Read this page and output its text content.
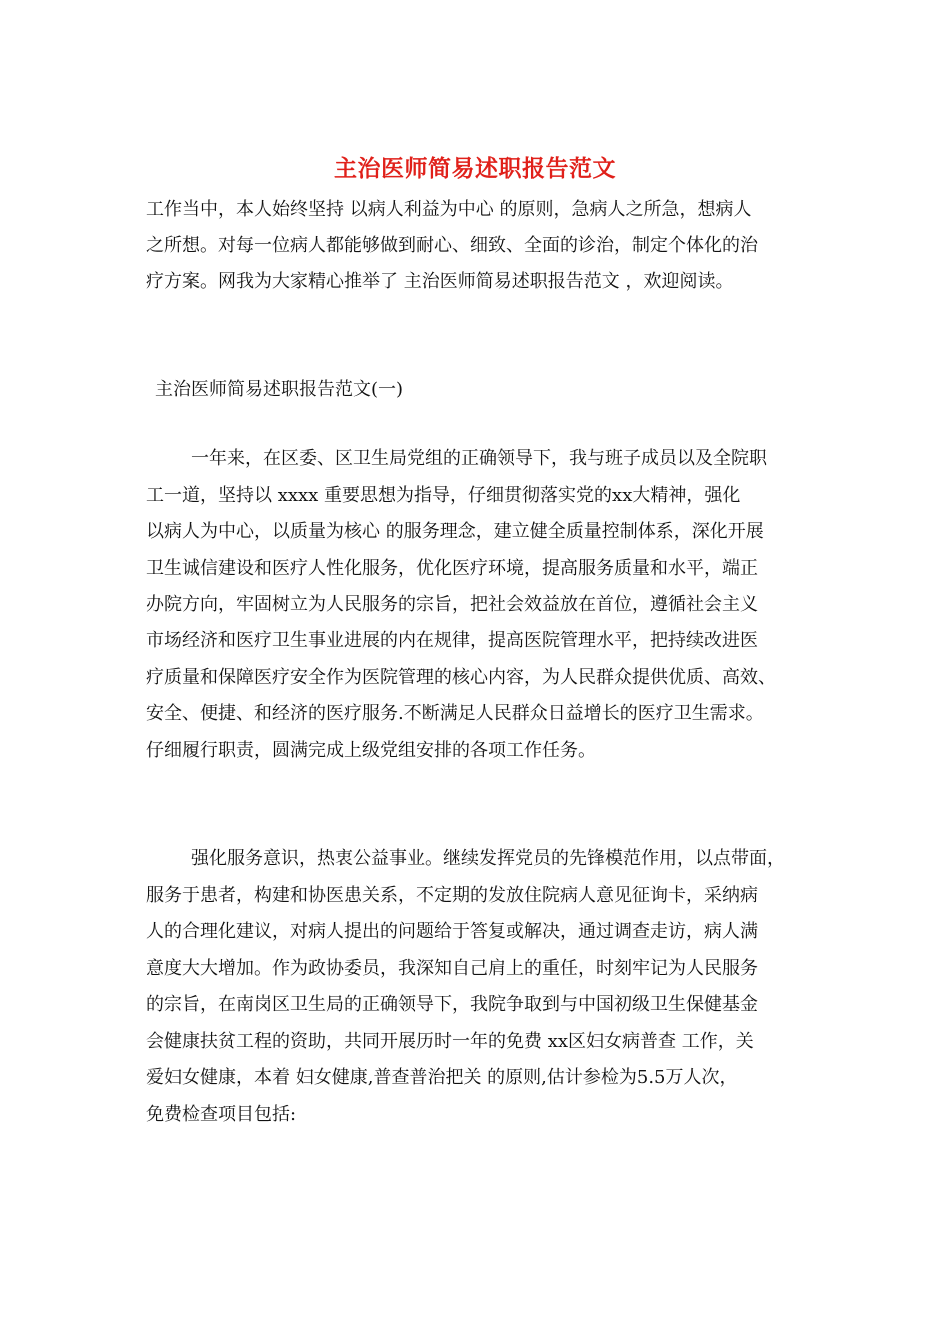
主治医师简易述职报告范文
工作当中，本人始终坚持 以病人利益为中心 的原则，急病人之所急，想病人
之所想。对每一位病人都能够做到耐心、细致、全面的诊治，制定个体化的治
疗方案。网我为大家精心推举了 主治医师简易述职报告范文 ，欢迎阅读。
主治医师简易述职报告范文(一)
一年来，在区委、区卫生局党组的正确领导下，我与班子成员以及全院职
工一道，坚持以 xxxx 重要思想为指导，仔细贯彻落实党的xx大精神，强化
以病人为中心，以质量为核心 的服务理念，建立健全质量控制体系，深化开展
卫生诚信建设和医疗人性化服务，优化医疗环境，提高服务质量和水平，端正
办院方向，牢固树立为人民服务的宗旨，把社会效益放在首位，遵循社会主义
市场经济和医疗卫生事业进展的内在规律，提高医院管理水平，把持续改进医
疗质量和保障医疗安全作为医院管理的核心内容，为人民群众提供优质、高效、
安全、便捷、和经济的医疗服务.不断满足人民群众日益增长的医疗卫生需求。
仔细履行职责，圆满完成上级党组安排的各项工作任务。
强化服务意识，热衷公益事业。继续发挥党员的先锋模范作用，以点带面，
服务于患者，构建和协医患关系，不定期的发放住院病人意见征询卡，采纳病
人的合理化建议，对病人提出的问题给于答复或解决，通过调查走访，病人满
意度大大增加。作为政协委员，我深知自己肩上的重任，时刻牢记为人民服务
的宗旨，在南岗区卫生局的正确领导下，我院争取到与中国初级卫生保健基金
会健康扶贫工程的资助，共同开展历时一年的免费 xx区妇女病普查 工作，关
爱妇女健康，本着 妇女健康,普查普治把关 的原则,估计参检为5.5万人次，
免费检查项目包括:
